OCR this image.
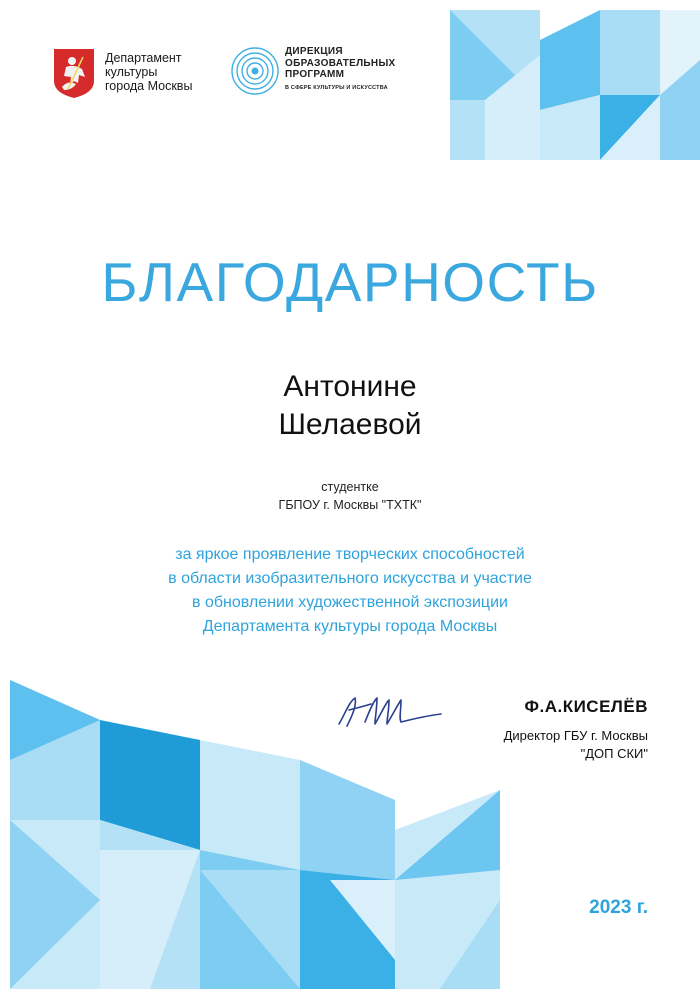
Департамент
культуры
города Москвы
ДИРЕКЦИЯ
ОБРАЗОВАТЕЛЬНЫХ
ПРОГРАММ
В СФЕРЕ КУЛЬТУРЫ И ИСКУССТВА
БЛАГОДАРНОСТЬ
Антонине
Шелаевой
студентке
ГБПОУ г. Москвы "ТХТК"
за яркое проявление творческих способностей
в области изобразительного искусства и участие
в обновлении художественной экспозиции
Департамента культуры города Москвы
Ф.А.КИСЕЛЁВ
Директор ГБУ г. Москвы
"ДОП СКИ"
2023 г.
